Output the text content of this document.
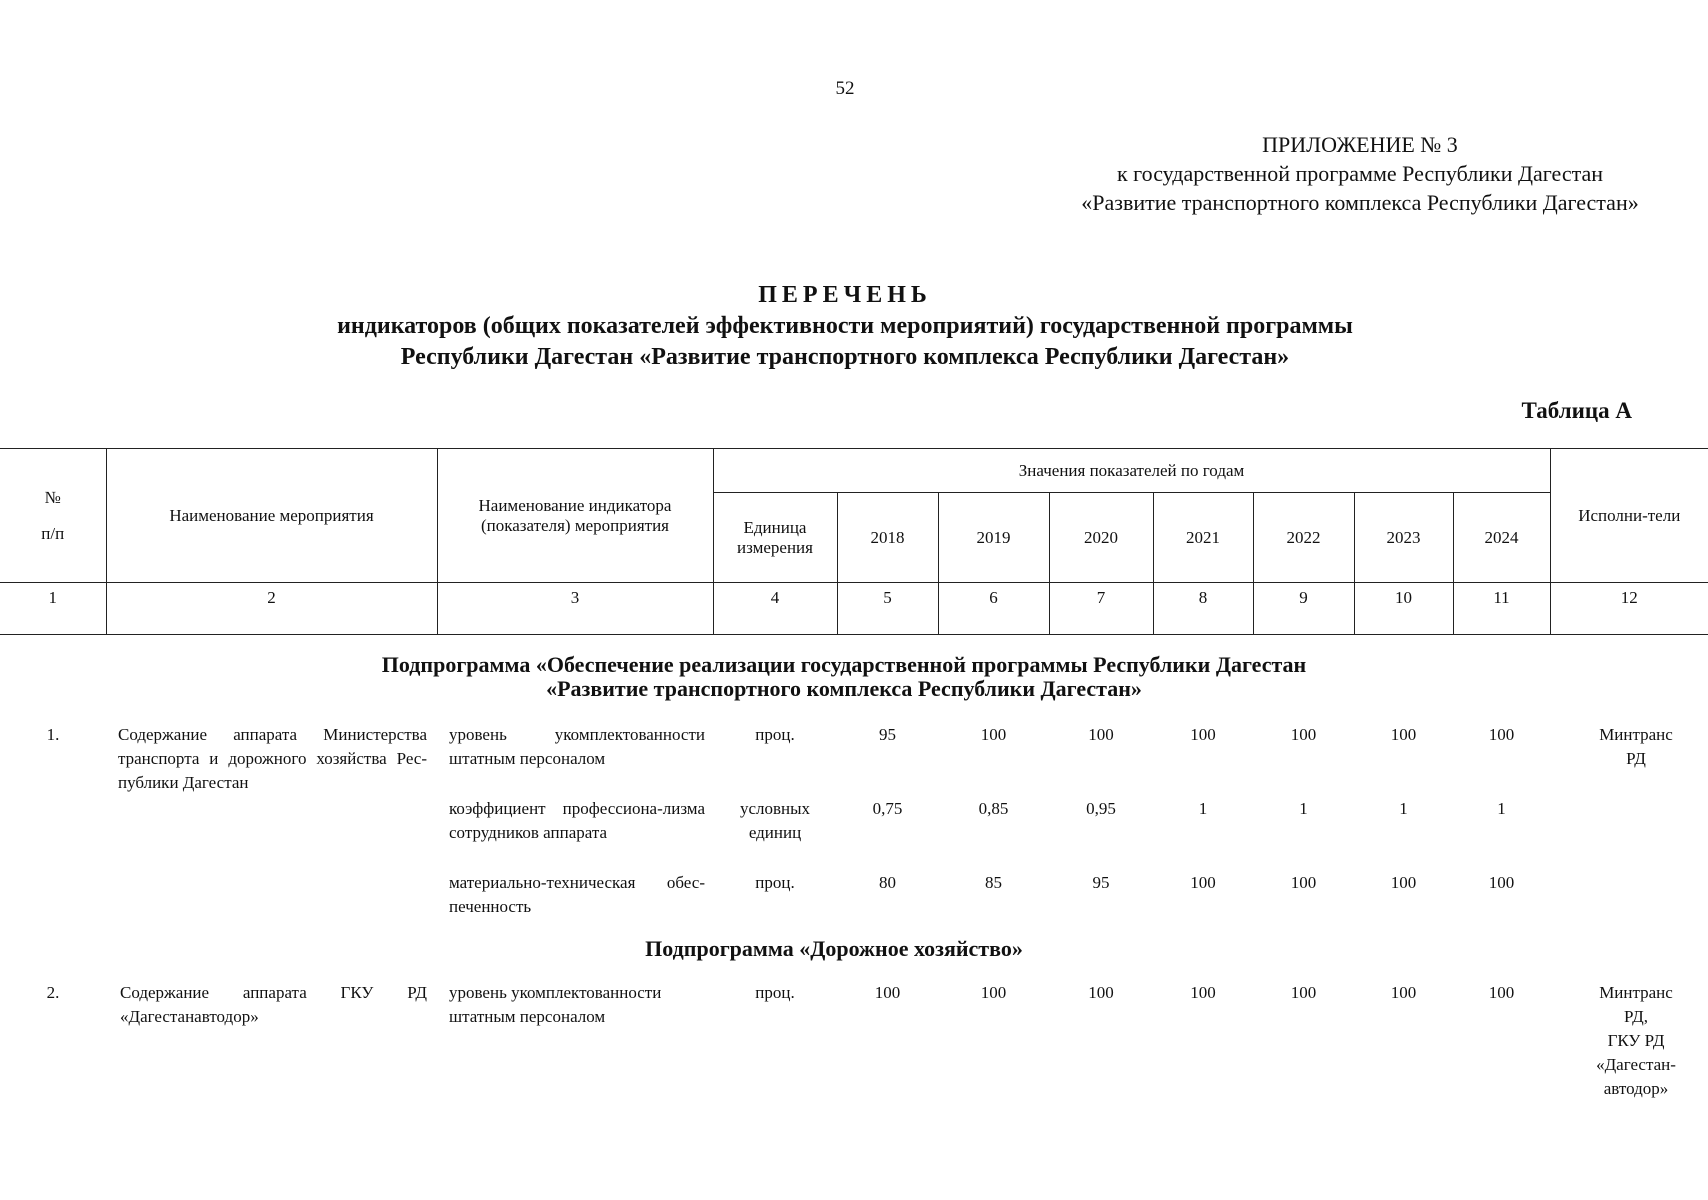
52
ПРИЛОЖЕНИЕ № 3
к государственной программе Республики Дагестан
«Развитие транспортного комплекса Республики Дагестан»
ПЕРЕЧЕНЬ
индикаторов (общих показателей эффективности мероприятий) государственной программы
Республики Дагестан «Развитие транспортного комплекса Республики Дагестан»
Таблица А
№
п/п	Наименование мероприятия	Наименование индикатора (показателя) мероприятия	Значения показателей по годам								Исполни-тели
			Единица измерения	2018	2019	2020	2021	2022	2023	2024	
1	2	3	4	5	6	7	8	9	10	11	12

Подпрограмма «Обеспечение реализации государственной программы Республики Дагестан
«Развитие транспортного комплекса Республики Дагестан»											

1.	Содержание аппарата Министерства транспорта и дорожного хозяйства Рес-публики Дагестан	уровень укомплектованности штатным персоналом	проц.	95	100	100	100	100	100	100	Минтранс
РД

		коэффициент профессиона-лизма сотрудников аппарата	условных единиц	0,75	0,85	0,95	1	1	1	1	
		материально-техническая обес-печенность	проц.	80	85	95	100	100	100	100	

Подпрограмма «Дорожное хозяйство»											

2.	Содержание аппарата ГКУ РД «Дагестанавтодор»	уровень укомплектованности штатным персоналом	проц.	100	100	100	100	100	100	100	Минтранс
РД,
ГКУ РД
«Дагестан-
автодор»
